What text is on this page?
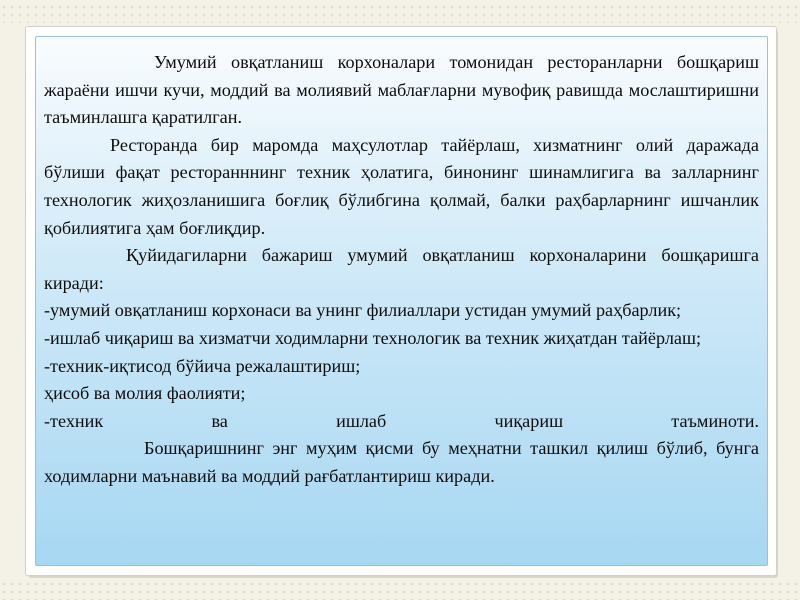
Умумий овқатланиш корхоналари томонидан ресторанларни бошқариш жараёни ишчи кучи, моддий ва молиявий маблағларни мувофиқ равишда мослаштиришни таъминлашга қаратилган.

Ресторанда бир маромда маҳсулотлар тайёрлаш, хизматнинг олий даражада бўлиши фақат ресторанннинг техник ҳолатига, бинонинг шинамлигига ва залларнинг технологик жиҳозланишига боғлиқ бўлибгина қолмай, балки раҳбарларнинг ишчанлик қобилиятига ҳам боғлиқдир.

Қуйидагиларни бажариш умумий овқатланиш корхоналарини бошқаришга киради:

-умумий овқатланиш корхонаси ва унинг филиаллари устидан умумий раҳбарлик;

-ишлаб чиқариш ва хизматчи ходимларни технологик ва техник жиҳатдан тайёрлаш;

-техник-иқтисод бўйича режалаштириш;

ҳисоб ва молия фаолияти;

-техник ва ишлаб чиқариш таъминоти.

Бошқаришнинг энг муҳим қисми бу меҳнатни ташкил қилиш бўлиб, бунга ходимларни маънавий ва моддий рағбатлантириш киради.
